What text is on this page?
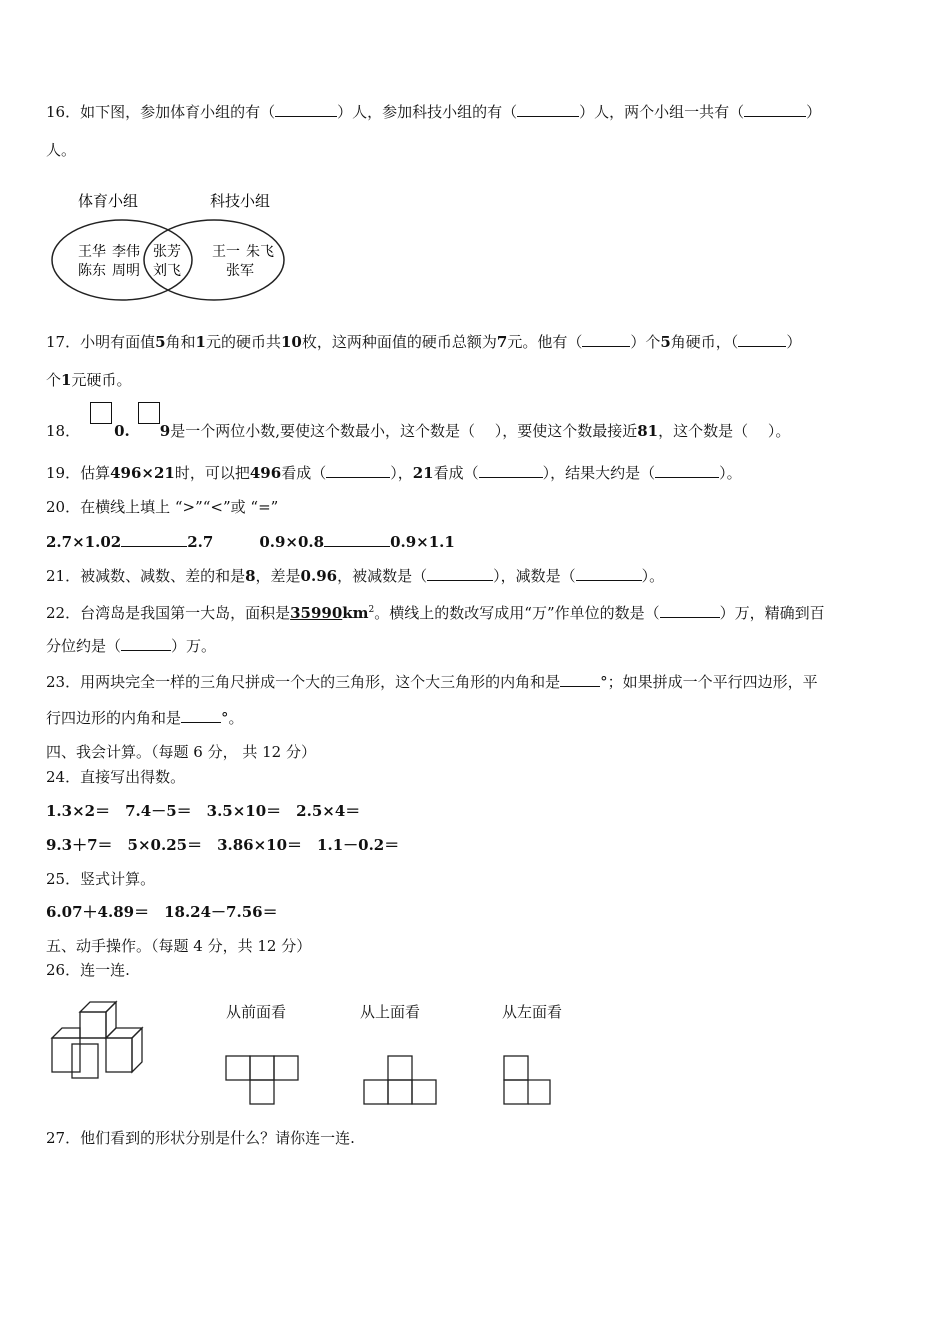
16．如下图，参加体育小组的有（	）人，参加科技小组的有（	）人，两个小组一共有（	）
人。
体育小组	科技小组
王华 李伟
陈东 周明
张芳
刘飞
王一 朱飞
张军
17．小明有面值5角和1元的硬币共10枚，这两种面值的硬币总额为7元。他有（	）个5角硬币，（	）
个1元硬币。
18． 0. 9是一个两位小数,要使这个数最小，这个数是（　 ），要使这个数最接近81，这个数是（　 ）。
19．估算496×21时，可以把496看成（	），21看成（	），结果大约是（	）。
20．在横线上填上 “>”“<”或 “=”
2.7×1.02	2.7	0.9×0.8	0.9×1.1
21．被减数、减数、差的和是8，差是0.96，被减数是（	），减数是（	）。
22．台湾岛是我国第一大岛，面积是$35990km^2$。横线上的数改写成用“万”作单位的数是（	）万，精确到百
分位约是（	）万。
23．用两块完全一样的三角尺拼成一个大的三角形，这个大三角形的内角和是	°；如果拼成一个平行四边形，平
行四边形的内角和是	°。
四、我会计算。（每题 6 分， 共 12 分）
24．直接写出得数。
1.3×2＝　7.4－5＝　3.5×10＝　2.5×4＝
9.3＋7＝　5×0.25＝　3.86×10＝　1.1－0.2＝
25．竖式计算。
6.07＋4.89＝　18.24－7.56＝
五、动手操作。（每题 4 分，共 12 分）
26．连一连.
从前面看	从上面看	从左面看
27．他们看到的形状分别是什么？请你连一连.
